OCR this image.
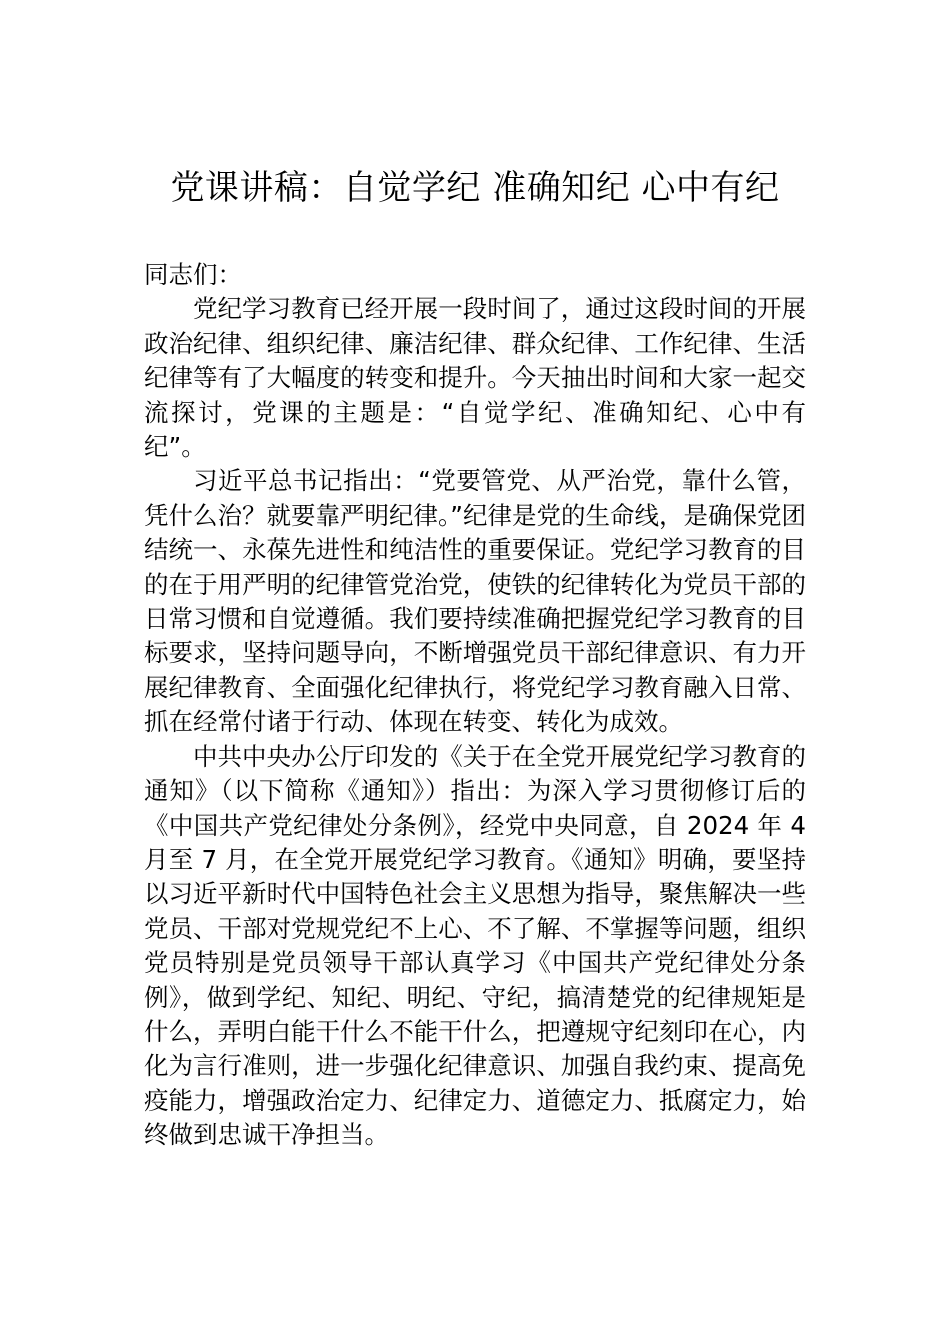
党课讲稿：自觉学纪 准确知纪 心中有纪

同志们：

党纪学习教育已经开展一段时间了，通过这段时间的开展政治纪律、组织纪律、廉洁纪律、群众纪律、工作纪律、生活纪律等有了大幅度的转变和提升。今天抽出时间和大家一起交流探讨，党课的主题是：“自觉学纪、准确知纪、心中有纪”。

习近平总书记指出：“党要管党、从严治党，靠什么管，凭什么治？就要靠严明纪律。”纪律是党的生命线，是确保党团结统一、永葆先进性和纯洁性的重要保证。党纪学习教育的目的在于用严明的纪律管党治党，使铁的纪律转化为党员干部的日常习惯和自觉遵循。我们要持续准确把握党纪学习教育的目标要求，坚持问题导向，不断增强党员干部纪律意识、有力开展纪律教育、全面强化纪律执行，将党纪学习教育融入日常、抓在经常付诸于行动、体现在转变、转化为成效。

中共中央办公厅印发的《关于在全党开展党纪学习教育的通知》（以下简称《通知》）指出：为深入学习贯彻修订后的《中国共产党纪律处分条例》，经党中央同意，自 2024 年 4 月至 7 月，在全党开展党纪学习教育。《通知》明确，要坚持以习近平新时代中国特色社会主义思想为指导，聚焦解决一些党员、干部对党规党纪不上心、不了解、不掌握等问题，组织党员特别是党员领导干部认真学习《中国共产党纪律处分条例》，做到学纪、知纪、明纪、守纪，搞清楚党的纪律规矩是什么，弄明白能干什么不能干什么，把遵规守纪刻印在心，内化为言行准则，进一步强化纪律意识、加强自我约束、提高免疫能力，增强政治定力、纪律定力、道德定力、抵腐定力，始终做到忠诚干净担当。
